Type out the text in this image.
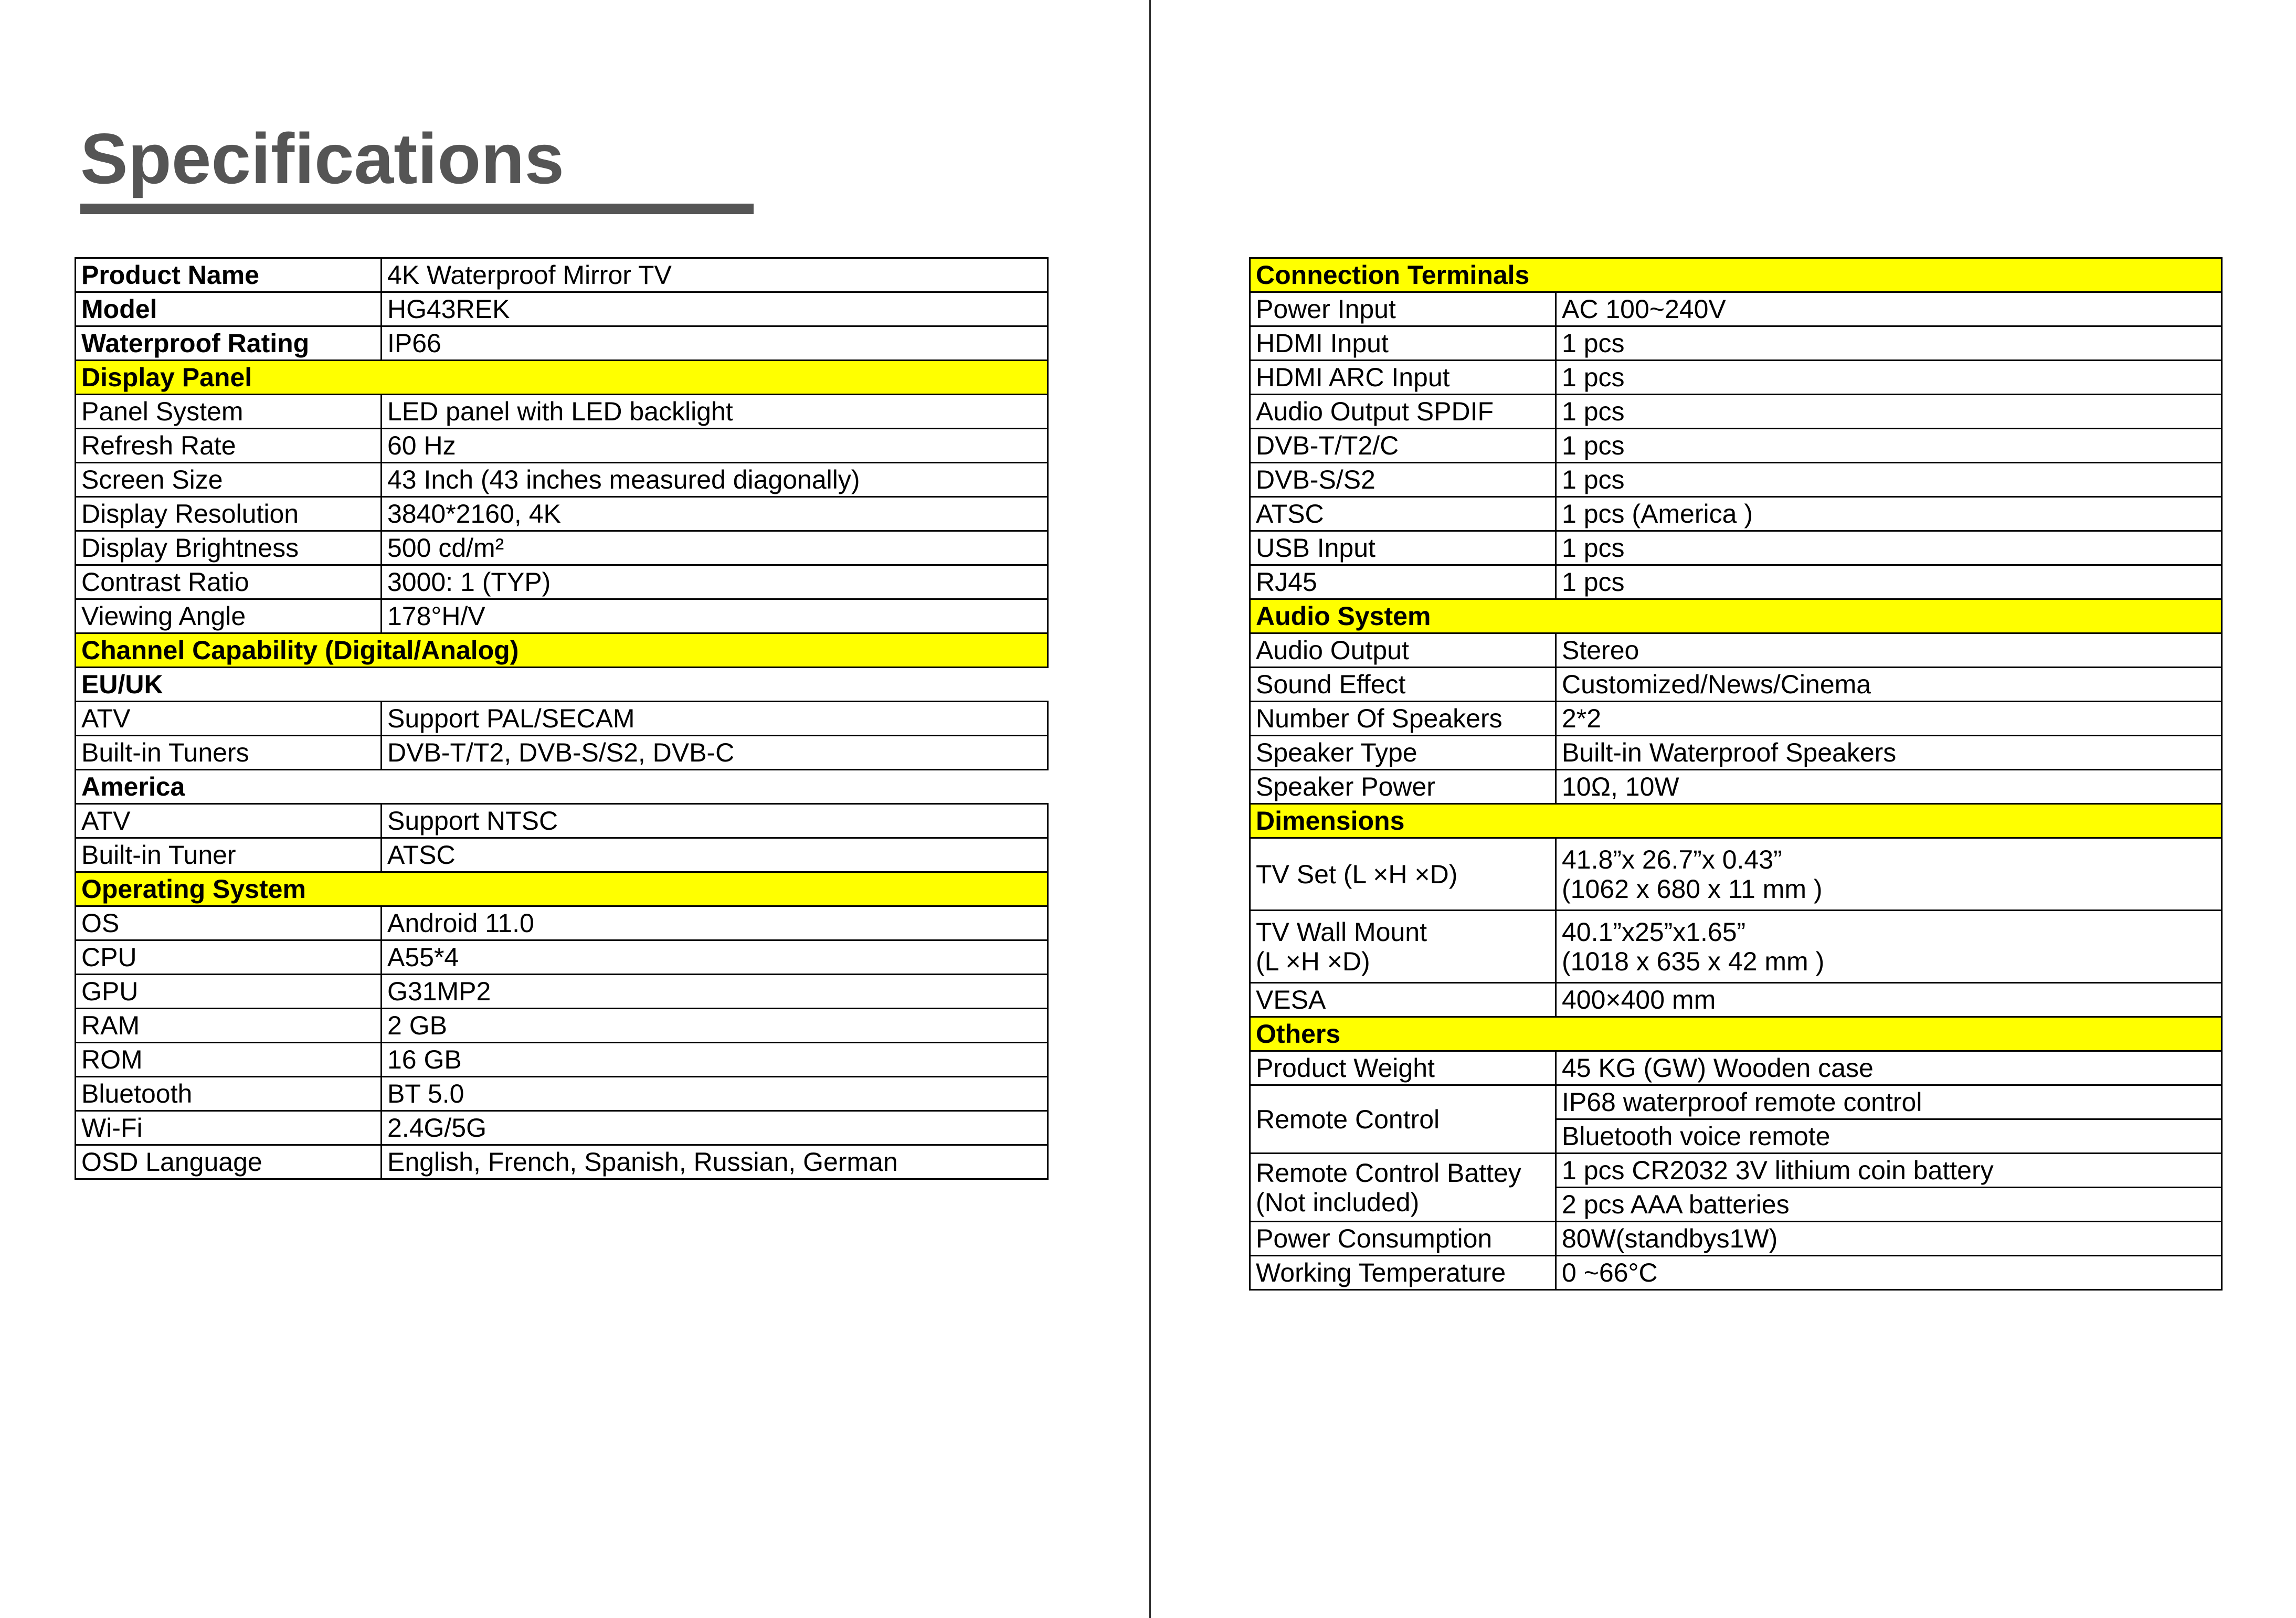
Specifications
Product Name	4K Waterproof Mirror TV
Model	HG43REK
Waterproof Rating	IP66
Display Panel	
Panel System	LED panel with LED backlight
Refresh Rate	60 Hz
Screen Size	43 Inch (43 inches measured diagonally)
Display Resolution	3840*2160, 4K
Display Brightness	500 cd/m²
Contrast Ratio	3000: 1 (TYP)
Viewing Angle	178°H/V
Channel Capability (Digital/Analog)	
EU/UK	
ATV	Support PAL/SECAM
Built-in Tuners	DVB-T/T2, DVB-S/S2, DVB-C
America	
ATV	Support NTSC
Built-in Tuner	ATSC
Operating System	
OS	Android 11.0
CPU	A55*4
GPU	G31MP2
RAM	2 GB
ROM	16 GB
Bluetooth	BT 5.0
Wi-Fi	2.4G/5G
OSD Language	English, French, Spanish, Russian, German
Connection Terminals	
Power Input	AC 100~240V
HDMI Input	1 pcs
HDMI ARC Input	1 pcs
Audio Output SPDIF	1 pcs
DVB-T/T2/C	1 pcs
DVB-S/S2	1 pcs
ATSC	1 pcs (America )
USB Input	1 pcs
RJ45	1 pcs
Audio System	
Audio Output	Stereo
Sound Effect	Customized/News/Cinema
Number Of Speakers	2*2
Speaker Type	Built-in Waterproof Speakers
Speaker Power	10Ω, 10W
Dimensions	
TV Set (L ×H ×D)	41.8”x 26.7”x 0.43”
(1062 x 680 x 11 mm )
TV Wall Mount
(L ×H ×D)	40.1”x25”x1.65”
(1018 x 635 x 42 mm )
VESA	400×400 mm
Others	
Product Weight	45 KG (GW) Wooden case
Remote Control	IP68 waterproof remote control
	Bluetooth voice remote
Remote Control Battey
(Not included)	1 pcs CR2032 3V lithium coin battery
	2 pcs AAA batteries
Power Consumption	80W(standbys1W)
Working Temperature	0 ~66°C
